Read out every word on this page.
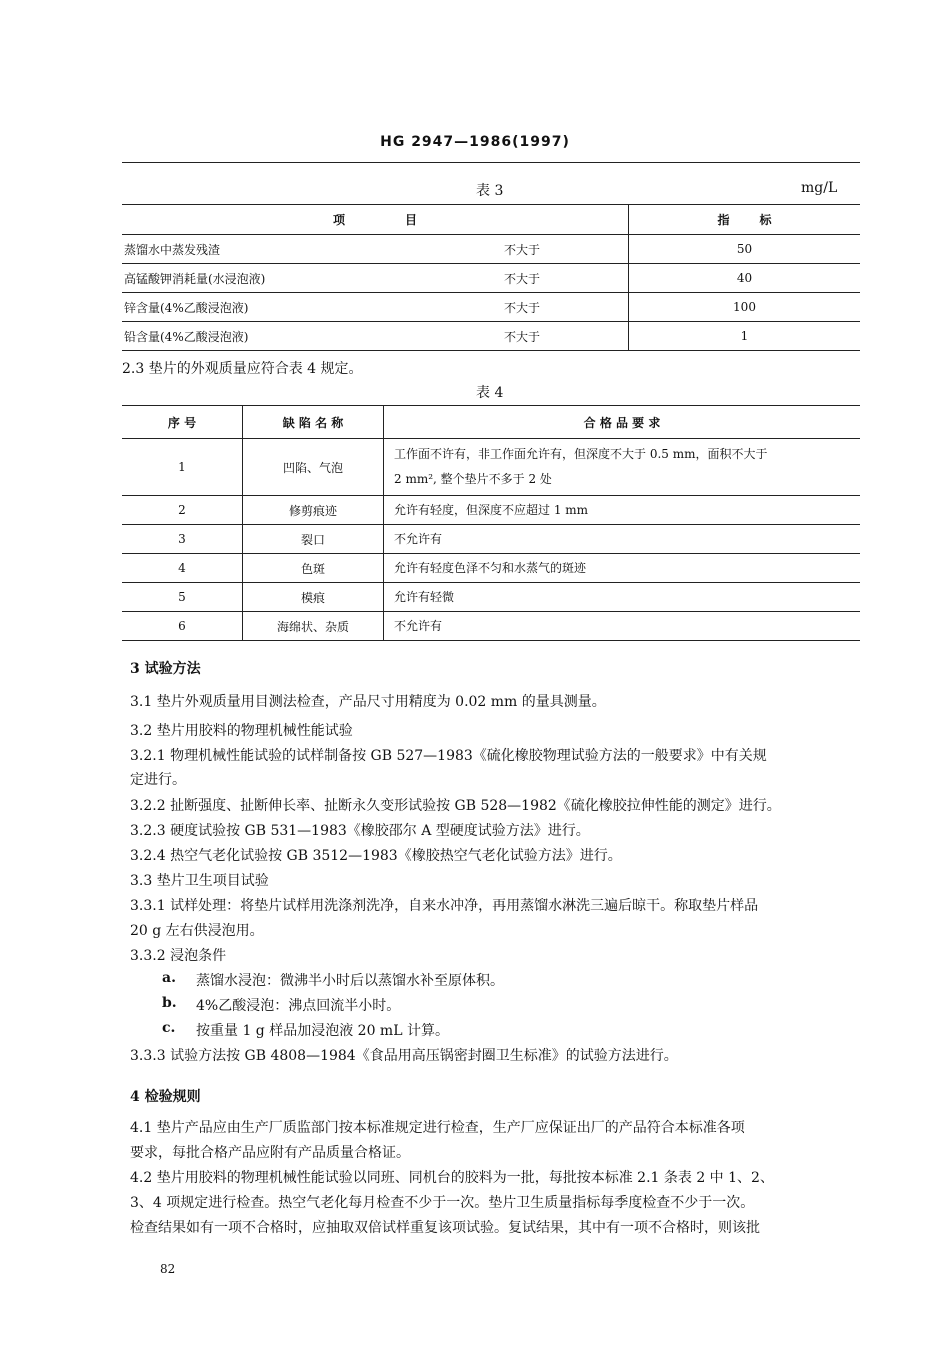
HG 2947—1986(1997)
表 3	mg/L
项目	指标

蒸馏水中蒸发残渣 不大于	50

高锰酸钾消耗量(水浸泡液) 不大于	40

锌含量(4%乙酸浸泡液) 不大于	100

铅含量(4%乙酸浸泡液) 不大于	1
2.3 垫片的外观质量应符合表 4 规定。
表 4
序 号	缺 陷 名 称	合 格 品 要 求
1	凹陷、气泡	工作面不许有，非工作面允许有，但深度不大于 0.5 mm，面积不大于
2 mm², 整个垫片不多于 2 处

2	修剪痕迹	允许有轻度，但深度不应超过 1 mm
3	裂口	不允许有
4	色斑	允许有轻度色泽不匀和水蒸气的斑迹
5	模痕	允许有轻微
6	海绵状、杂质	不允许有
3 试验方法
3.1 垫片外观质量用目测法检查，产品尺寸用精度为 0.02 mm 的量具测量。
3.2 垫片用胶料的物理机械性能试验
3.2.1 物理机械性能试验的试样制备按 GB 527—1983《硫化橡胶物理试验方法的一般要求》中有关规
定进行。
3.2.2 扯断强度、扯断伸长率、扯断永久变形试验按 GB 528—1982《硫化橡胶拉伸性能的测定》进行。
3.2.3 硬度试验按 GB 531—1983《橡胶邵尔 A 型硬度试验方法》进行。
3.2.4 热空气老化试验按 GB 3512—1983《橡胶热空气老化试验方法》进行。
3.3 垫片卫生项目试验
3.3.1 试样处理：将垫片试样用洗涤剂洗净，自来水冲净，再用蒸馏水淋洗三遍后晾干。称取垫片样品
20 g 左右供浸泡用。
3.3.2 浸泡条件
a. 蒸馏水浸泡：微沸半小时后以蒸馏水补至原体积。
b. 4%乙酸浸泡：沸点回流半小时。
c. 按重量 1 g 样品加浸泡液 20 mL 计算。
3.3.3 试验方法按 GB 4808—1984《食品用高压锅密封圈卫生标准》的试验方法进行。
4 检验规则
4.1 垫片产品应由生产厂质监部门按本标准规定进行检查，生产厂应保证出厂的产品符合本标准各项
要求，每批合格产品应附有产品质量合格证。
4.2 垫片用胶料的物理机械性能试验以同班、同机台的胶料为一批，每批按本标准 2.1 条表 2 中 1、2、
3、4 项规定进行检查。热空气老化每月检查不少于一次。垫片卫生质量指标每季度检查不少于一次。
检查结果如有一项不合格时，应抽取双倍试样重复该项试验。复试结果，其中有一项不合格时，则该批
82
